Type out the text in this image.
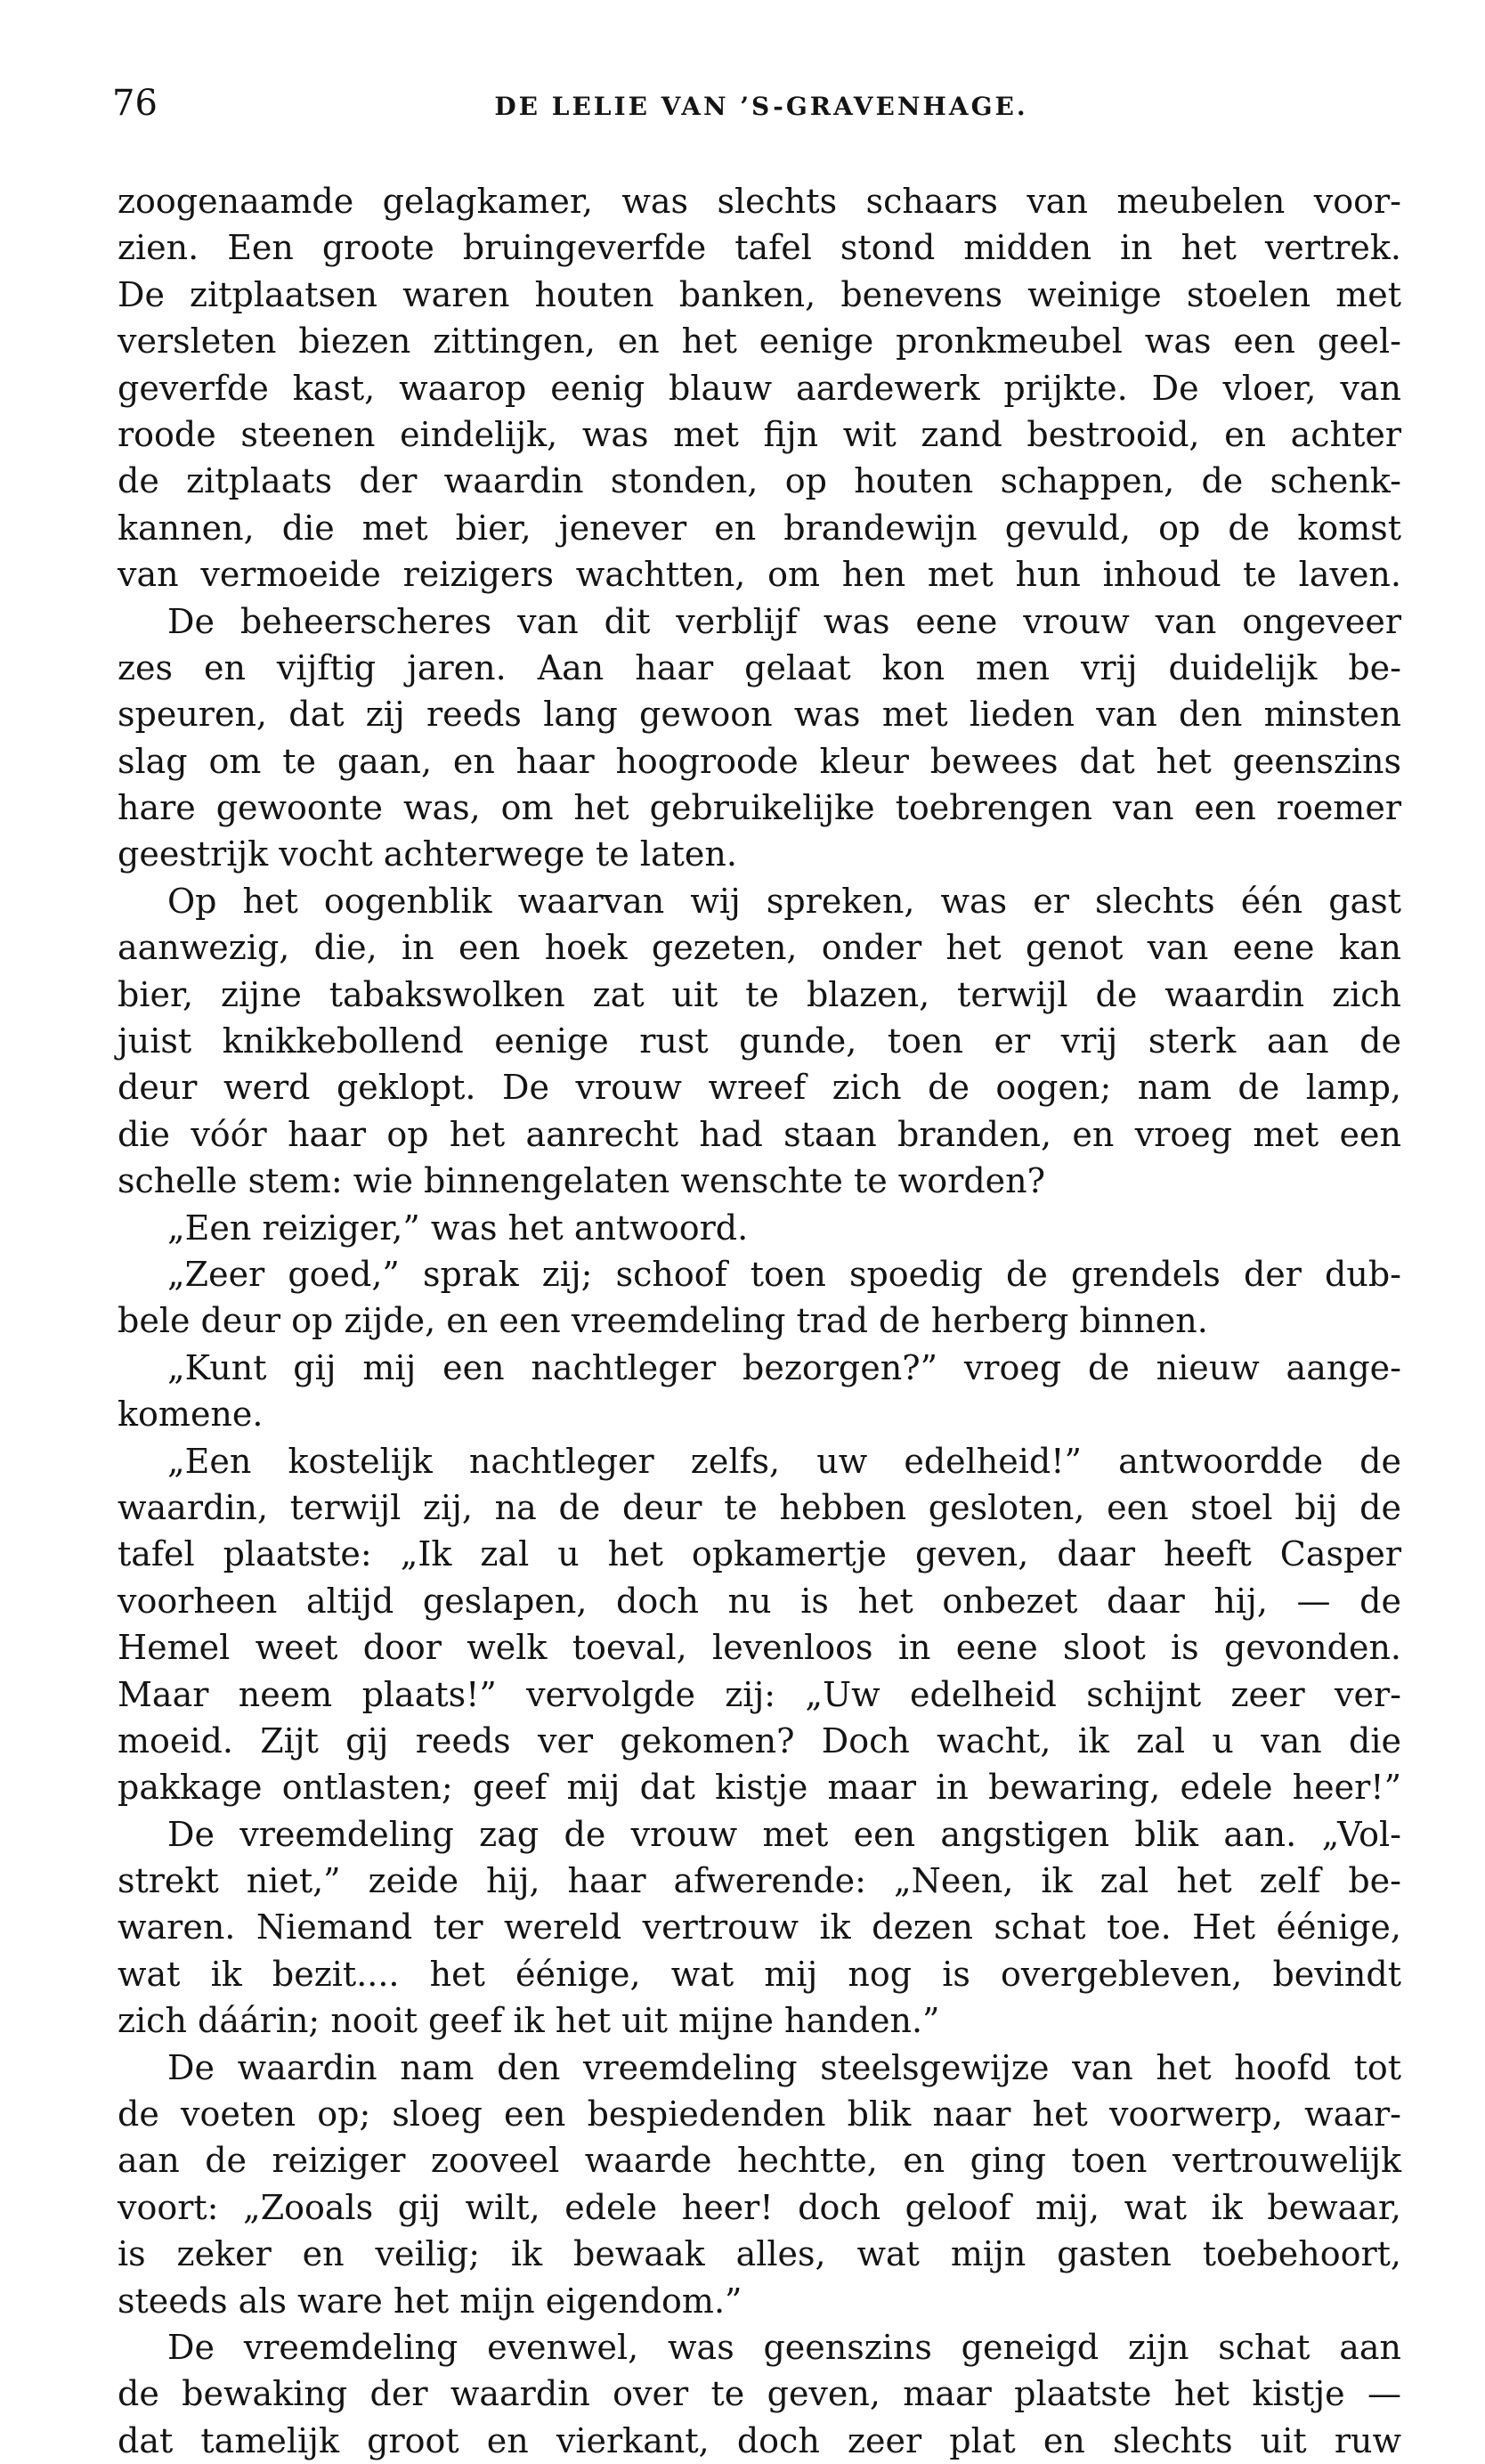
76	DE LELIE VAN ’S-GRAVENHAGE.
zoogenaamde gelagkamer, was slechts schaars van meubelen voor-
zien. Een groote bruingeverfde tafel stond midden in het vertrek.
De zitplaatsen waren houten banken, benevens weinige stoelen met
versleten biezen zittingen, en het eenige pronkmeubel was een geel-
geverfde kast, waarop eenig blauw aardewerk prijkte. De vloer, van
roode steenen eindelijk, was met fijn wit zand bestrooid, en achter
de zitplaats der waardin stonden, op houten schappen, de schenk-
kannen, die met bier, jenever en brandewijn gevuld, op de komst
van vermoeide reizigers wachtten, om hen met hun inhoud te laven.
De beheerscheres van dit verblijf was eene vrouw van ongeveer
zes en vijftig jaren. Aan haar gelaat kon men vrij duidelijk be-
speuren, dat zij reeds lang gewoon was met lieden van den minsten
slag om te gaan, en haar hoogroode kleur bewees dat het geenszins
hare gewoonte was, om het gebruikelijke toebrengen van een roemer
geestrijk vocht achterwege te laten.
Op het oogenblik waarvan wij spreken, was er slechts één gast
aanwezig, die, in een hoek gezeten, onder het genot van eene kan
bier, zijne tabakswolken zat uit te blazen, terwijl de waardin zich
juist knikkebollend eenige rust gunde, toen er vrij sterk aan de
deur werd geklopt. De vrouw wreef zich de oogen; nam de lamp,
die vóór haar op het aanrecht had staan branden, en vroeg met een
schelle stem: wie binnengelaten wenschte te worden?
„Een reiziger,” was het antwoord.
„Zeer goed,” sprak zij; schoof toen spoedig de grendels der dub-
bele deur op zijde, en een vreemdeling trad de herberg binnen.
„Kunt gij mij een nachtleger bezorgen?” vroeg de nieuw aange-
komene.
„Een kostelijk nachtleger zelfs, uw edelheid!” antwoordde de
waardin, terwijl zij, na de deur te hebben gesloten, een stoel bij de
tafel plaatste: „Ik zal u het opkamertje geven, daar heeft Casper
voorheen altijd geslapen, doch nu is het onbezet daar hij, — de
Hemel weet door welk toeval, levenloos in eene sloot is gevonden.
Maar neem plaats!” vervolgde zij: „Uw edelheid schijnt zeer ver-
moeid. Zijt gij reeds ver gekomen? Doch wacht, ik zal u van die
pakkage ontlasten; geef mij dat kistje maar in bewaring, edele heer!”
De vreemdeling zag de vrouw met een angstigen blik aan. „Vol-
strekt niet,” zeide hij, haar afwerende: „Neen, ik zal het zelf be-
waren. Niemand ter wereld vertrouw ik dezen schat toe. Het éénige,
wat ik bezit.... het éénige, wat mij nog is overgebleven, bevindt
zich dáárin; nooit geef ik het uit mijne handen.”
De waardin nam den vreemdeling steelsgewijze van het hoofd tot
de voeten op; sloeg een bespiedenden blik naar het voorwerp, waar-
aan de reiziger zooveel waarde hechtte, en ging toen vertrouwelijk
voort: „Zooals gij wilt, edele heer! doch geloof mij, wat ik bewaar,
is zeker en veilig; ik bewaak alles, wat mijn gasten toebehoort,
steeds als ware het mijn eigendom.”
De vreemdeling evenwel, was geenszins geneigd zijn schat aan
de bewaking der waardin over te geven, maar plaatste het kistje —
dat tamelijk groot en vierkant, doch zeer plat en slechts uit ruw
